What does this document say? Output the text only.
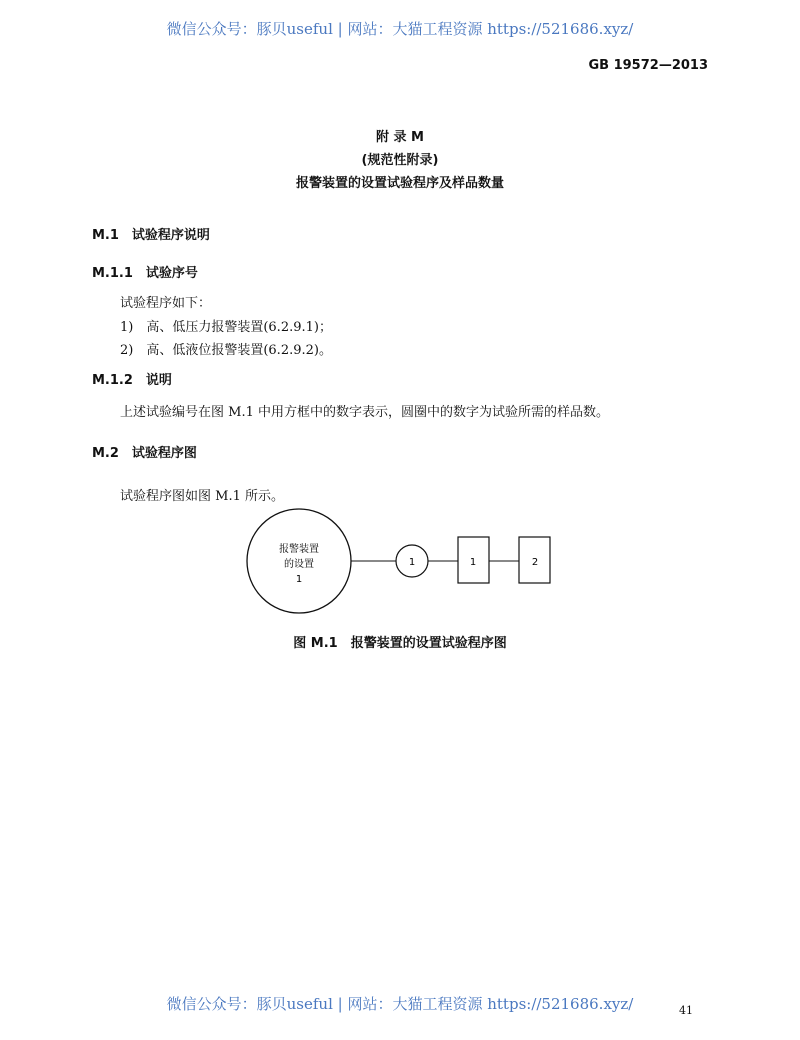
微信公众号：豚贝useful | 网站：大猫工程资源 https://521686.xyz/
GB 19572—2013
附 录 M
(规范性附录)
报警装置的设置试验程序及样品数量
M.1　试验程序说明
M.1.1　试验序号
试验程序如下：
1)　高、低压力报警装置(6.2.9.1)；
2)　高、低液位报警装置(6.2.9.2)。
M.1.2　说明
上述试验编号在图 M.1 中用方框中的数字表示，圆圈中的数字为试验所需的样品数。
M.2　试验程序图
试验程序图如图 M.1 所示。
报警装置
的设置
1
1	1	2
图 M.1　报警装置的设置试验程序图
微信公众号：豚贝useful | 网站：大猫工程资源 https://521686.xyz/	41
